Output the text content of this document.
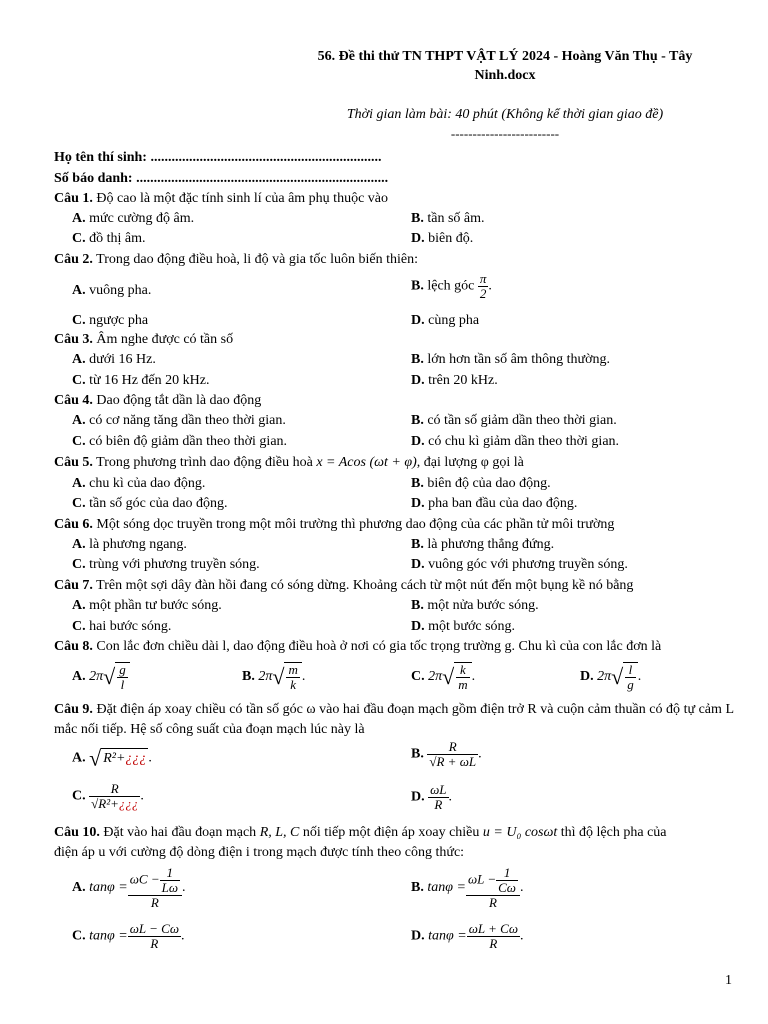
56. Đề thi thử TN THPT VẬT LÝ 2024 - Hoàng Văn Thụ - Tây
Ninh.docx
Thời gian làm bài: 40 phút (Không kể thời gian giao đề)
-------------------------
Họ tên thí sinh: ..................................................................
Số báo danh: ........................................................................
Câu 1. Độ cao là một đặc tính sinh lí của âm phụ thuộc vào
A. mức cường độ âm.	B. tần số âm.
C. đồ thị âm.	D. biên độ.
Câu 2. Trong dao động điều hoà, li độ và gia tốc luôn biến thiên:
A. vuông pha.	B. lệch góc $\frac{\pi}{2}$ .
C. ngược pha	D. cùng pha
Câu 3. Âm nghe được có tần số
A. dưới 16 Hz.	B. lớn hơn tần số âm thông thường.
C. từ 16 Hz đến 20 kHz.	D. trên 20 kHz.
Câu 4. Dao động tắt dần là dao động
A. có cơ năng tăng dần theo thời gian.	B. có tần số giảm dần theo thời gian.
C. có biên độ giảm dần theo thời gian.	D. có chu kì giảm dần theo thời gian.
Câu 5. Trong phương trình dao động điều hoà x = Acos (ωt + φ), đại lượng φ gọi là
A. chu kì của dao động.	B. biên độ của dao động.
C. tần số góc của dao động.	D. pha ban đầu của dao động.
Câu 6. Một sóng dọc truyền trong một môi trường thì phương dao động của các phần tử môi trường
A. là phương ngang.	B. là phương thẳng đứng.
C. trùng với phương truyền sóng.	D. vuông góc với phương truyền sóng.
Câu 7. Trên một sợi dây đàn hồi đang có sóng dừng. Khoảng cách từ một nút đến một bụng kề nó bằng
A. một phần tư bước sóng.	B. một nửa bước sóng.
C. hai bước sóng.	D. một bước sóng.
Câu 8. Con lắc đơn chiều dài l, dao động điều hoà ở nơi có gia tốc trọng trường g. Chu kì của con lắc đơn là
A. $2\pi√ \frac{g}{l}$	B. $2\pi√ \frac{m}{k}$ .	C. $2\pi√ \frac{k}{m}$ .	D. $2\pi√ \frac{l}{g}$ .
Câu 9. Đặt điện áp xoay chiều có tần số góc ω vào hai đầu đoạn mạch gồm điện trở R và cuộn cảm thuần có độ tự cảm L mắc nối tiếp. Hệ số công suất của đoạn mạch lúc này là
A. √ R²+¿¿¿ .	B. $\frac{R}{√R + \omega L}$ .
C. $\frac{R}{\text{√R²+¿¿¿}}$ .	D. $\frac{\omega L}{R}$ .
Câu 10. Đặt vào hai đầu đoạn mạch R, L, C nối tiếp một điện áp xoay chiều u = U₀ cosωt thì độ lệch pha của
điện áp u với cường độ dòng điện i trong mạch được tính theo công thức:
A. $\tan\varphi = \frac{\omega C - \frac{1}{L\omega}}{R}$ .	B. $\tan\varphi = \frac{\omega L - \frac{1}{C\omega}}{R}$ .
C. $\tan\varphi = \frac{\omega L - C\omega}{R}$ .	D. $\tan\varphi = \frac{\omega L + C\omega}{R}$ .
1
